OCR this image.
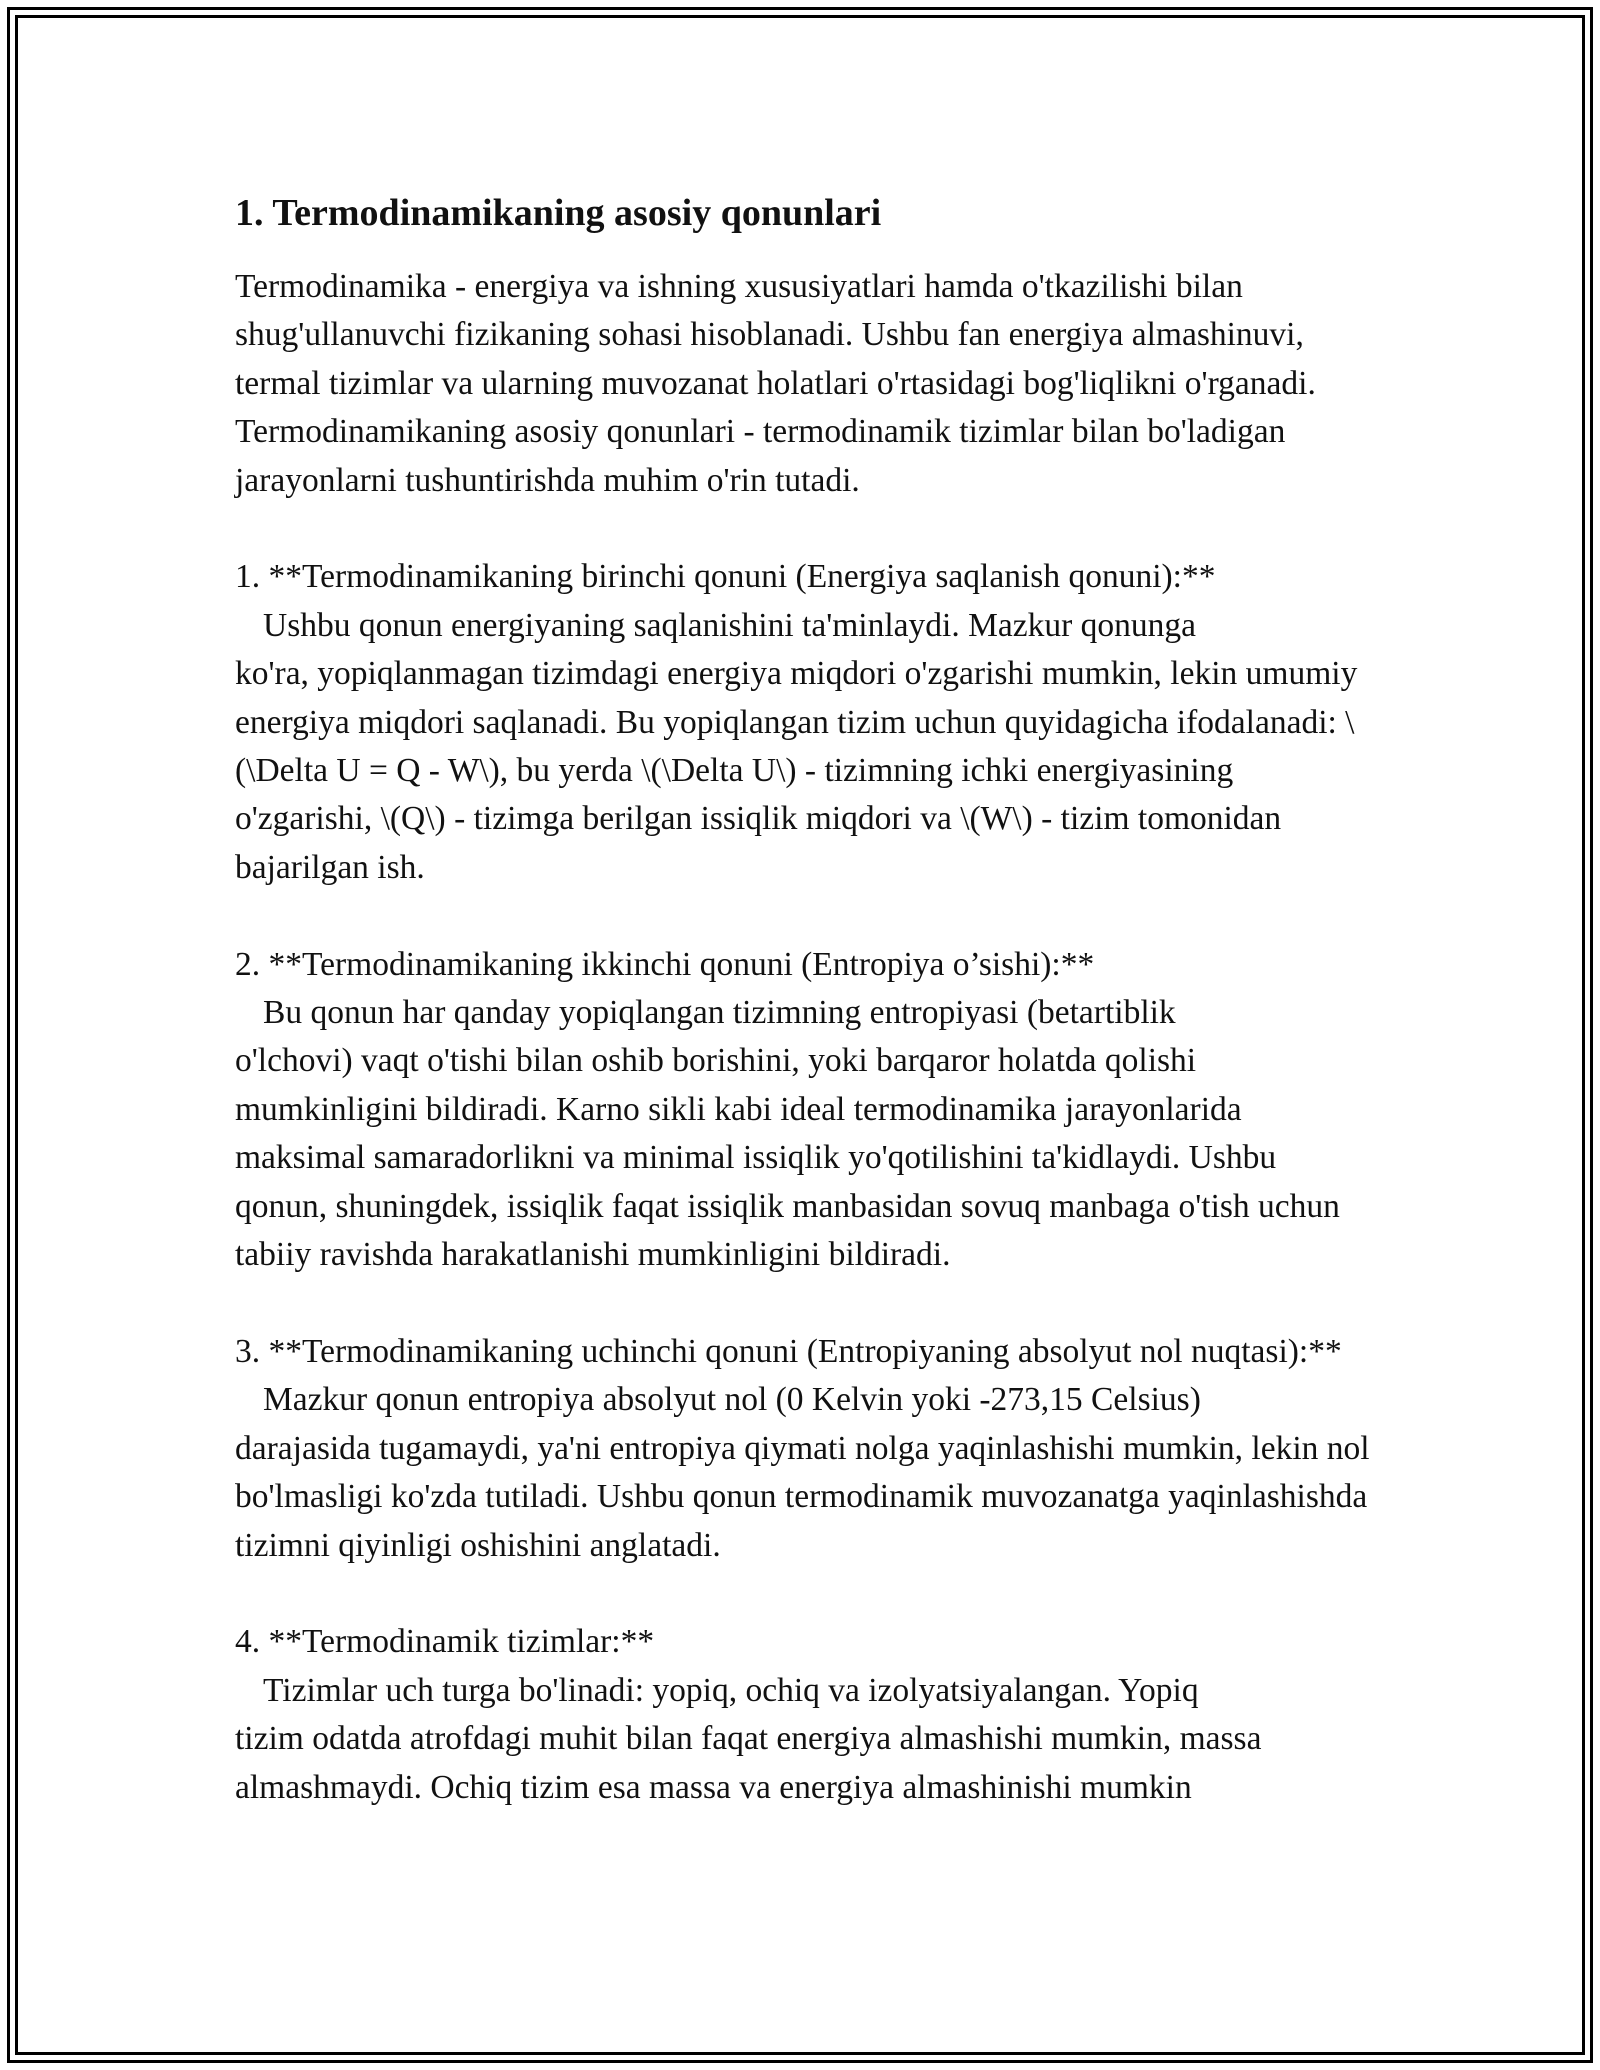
1. Termodinamikaning asosiy qonunlari

Termodinamika - energiya va ishning xususiyatlari hamda o'tkazilishi bilan shug'ullanuvchi fizikaning sohasi hisoblanadi. Ushbu fan energiya almashinuvi, termal tizimlar va ularning muvozanat holatlari o'rtasidagi bog'liqlikni o'rganadi. Termodinamikaning asosiy qonunlari - termodinamik tizimlar bilan bo'ladigan jarayonlarni tushuntirishda muhim o'rin tutadi.

1. **Termodinamikaning birinchi qonuni (Energiya saqlanish qonuni):**

Ushbu qonun energiyaning saqlanishini ta'minlaydi. Mazkur qonunga

ko'ra, yopiqlanmagan tizimdagi energiya miqdori o'zgarishi mumkin, lekin umumiy energiya miqdori saqlanadi. Bu yopiqlangan tizim uchun quyidagicha ifodalanadi: \(\Delta U = Q - W\), bu yerda \(\Delta U\) - tizimning ichki energiyasining o'zgarishi, \(Q\) - tizimga berilgan issiqlik miqdori va \(W\) - tizim tomonidan bajarilgan ish.

2. **Termodinamikaning ikkinchi qonuni (Entropiya o’sishi):**

Bu qonun har qanday yopiqlangan tizimning entropiyasi (betartiblik

o'lchovi) vaqt o'tishi bilan oshib borishini, yoki barqaror holatda qolishi mumkinligini bildiradi. Karno sikli kabi ideal termodinamika jarayonlarida maksimal samaradorlikni va minimal issiqlik yo'qotilishini ta'kidlaydi. Ushbu qonun, shuningdek, issiqlik faqat issiqlik manbasidan sovuq manbaga o'tish uchun tabiiy ravishda harakatlanishi mumkinligini bildiradi.

3. **Termodinamikaning uchinchi qonuni (Entropiyaning absolyut nol nuqtasi):**

Mazkur qonun entropiya absolyut nol (0 Kelvin yoki -273,15 Celsius)

darajasida tugamaydi, ya'ni entropiya qiymati nolga yaqinlashishi mumkin, lekin nol bo'lmasligi ko'zda tutiladi. Ushbu qonun termodinamik muvozanatga yaqinlashishda tizimni qiyinligi oshishini anglatadi.

4. **Termodinamik tizimlar:**

Tizimlar uch turga bo'linadi: yopiq, ochiq va izolyatsiyalangan. Yopiq

tizim odatda atrofdagi muhit bilan faqat energiya almashishi mumkin, massa almashmaydi. Ochiq tizim esa massa va energiya almashinishi mumkin
